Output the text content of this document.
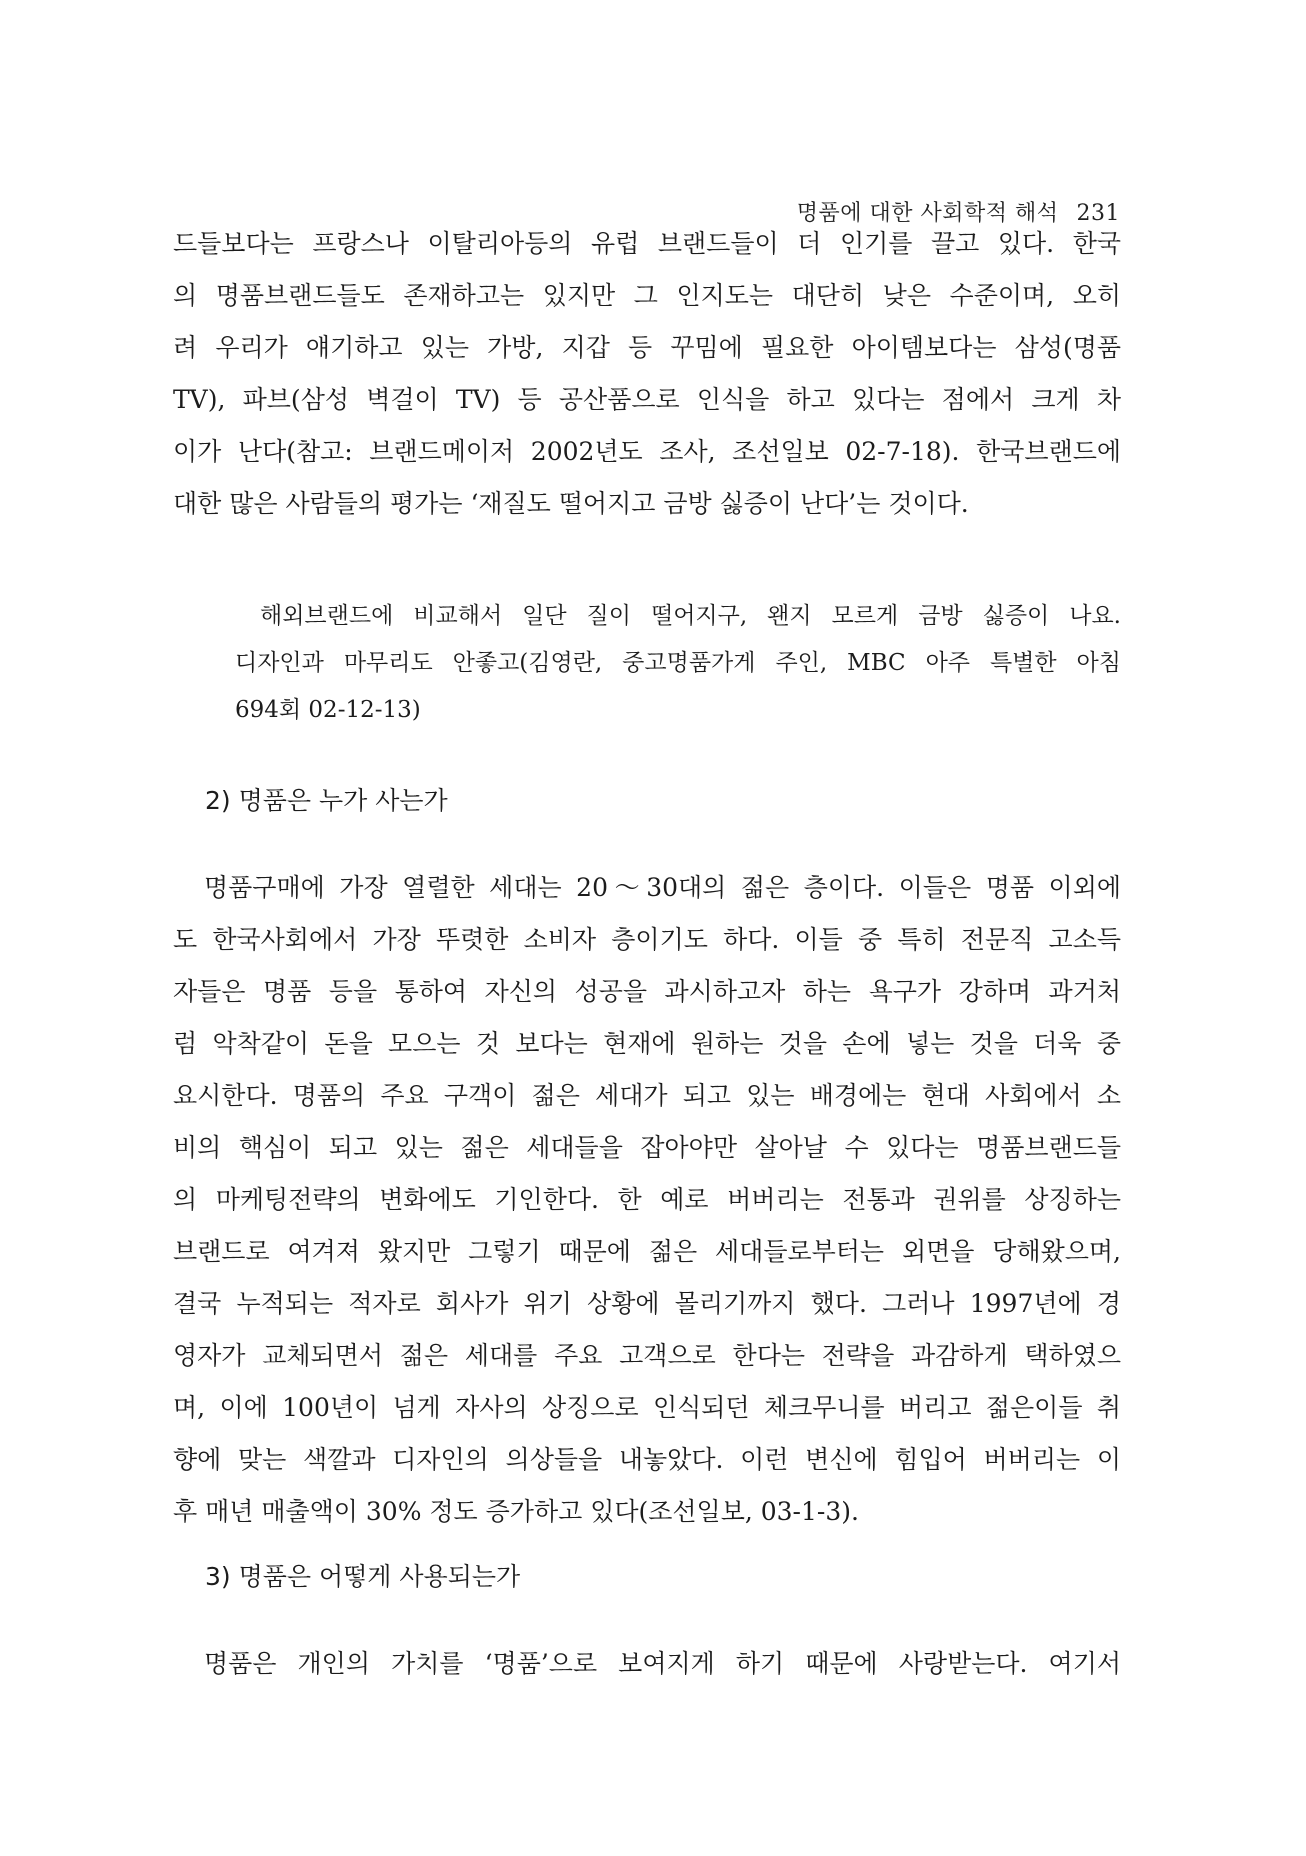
명품에 대한 사회학적 해석 231
드들보다는 프랑스나 이탈리아등의 유럽 브랜드들이 더 인기를 끌고 있다. 한국
의 명품브랜드들도 존재하고는 있지만 그 인지도는 대단히 낮은 수준이며, 오히
려 우리가 얘기하고 있는 가방, 지갑 등 꾸밈에 필요한 아이템보다는 삼성(명품
TV), 파브(삼성 벽걸이 TV) 등 공산품으로 인식을 하고 있다는 점에서 크게 차
이가 난다(참고: 브랜드메이저 2002년도 조사, 조선일보 02-7-18). 한국브랜드에
대한 많은 사람들의 평가는 ‘재질도 떨어지고 금방 싫증이 난다’는 것이다.
해외브랜드에 비교해서 일단 질이 떨어지구, 왠지 모르게 금방 싫증이 나요.
디자인과 마무리도 안좋고(김영란, 중고명품가게 주인, MBC 아주 특별한 아침
694회 02-12-13)
2) 명품은 누가 사는가
명품구매에 가장 열렬한 세대는 20～30대의 젊은 층이다. 이들은 명품 이외에
도 한국사회에서 가장 뚜렷한 소비자 층이기도 하다. 이들 중 특히 전문직 고소득
자들은 명품 등을 통하여 자신의 성공을 과시하고자 하는 욕구가 강하며 과거처
럼 악착같이 돈을 모으는 것 보다는 현재에 원하는 것을 손에 넣는 것을 더욱 중
요시한다. 명품의 주요 구객이 젊은 세대가 되고 있는 배경에는 현대 사회에서 소
비의 핵심이 되고 있는 젊은 세대들을 잡아야만 살아날 수 있다는 명품브랜드들
의 마케팅전략의 변화에도 기인한다. 한 예로 버버리는 전통과 권위를 상징하는
브랜드로 여겨져 왔지만 그렇기 때문에 젊은 세대들로부터는 외면을 당해왔으며,
결국 누적되는 적자로 회사가 위기 상황에 몰리기까지 했다. 그러나 1997년에 경
영자가 교체되면서 젊은 세대를 주요 고객으로 한다는 전략을 과감하게 택하였으
며, 이에 100년이 넘게 자사의 상징으로 인식되던 체크무니를 버리고 젊은이들 취
향에 맞는 색깔과 디자인의 의상들을 내놓았다. 이런 변신에 힘입어 버버리는 이
후 매년 매출액이 30% 정도 증가하고 있다(조선일보, 03-1-3).
3) 명품은 어떻게 사용되는가
명품은 개인의 가치를 ‘명품’으로 보여지게 하기 때문에 사랑받는다. 여기서
